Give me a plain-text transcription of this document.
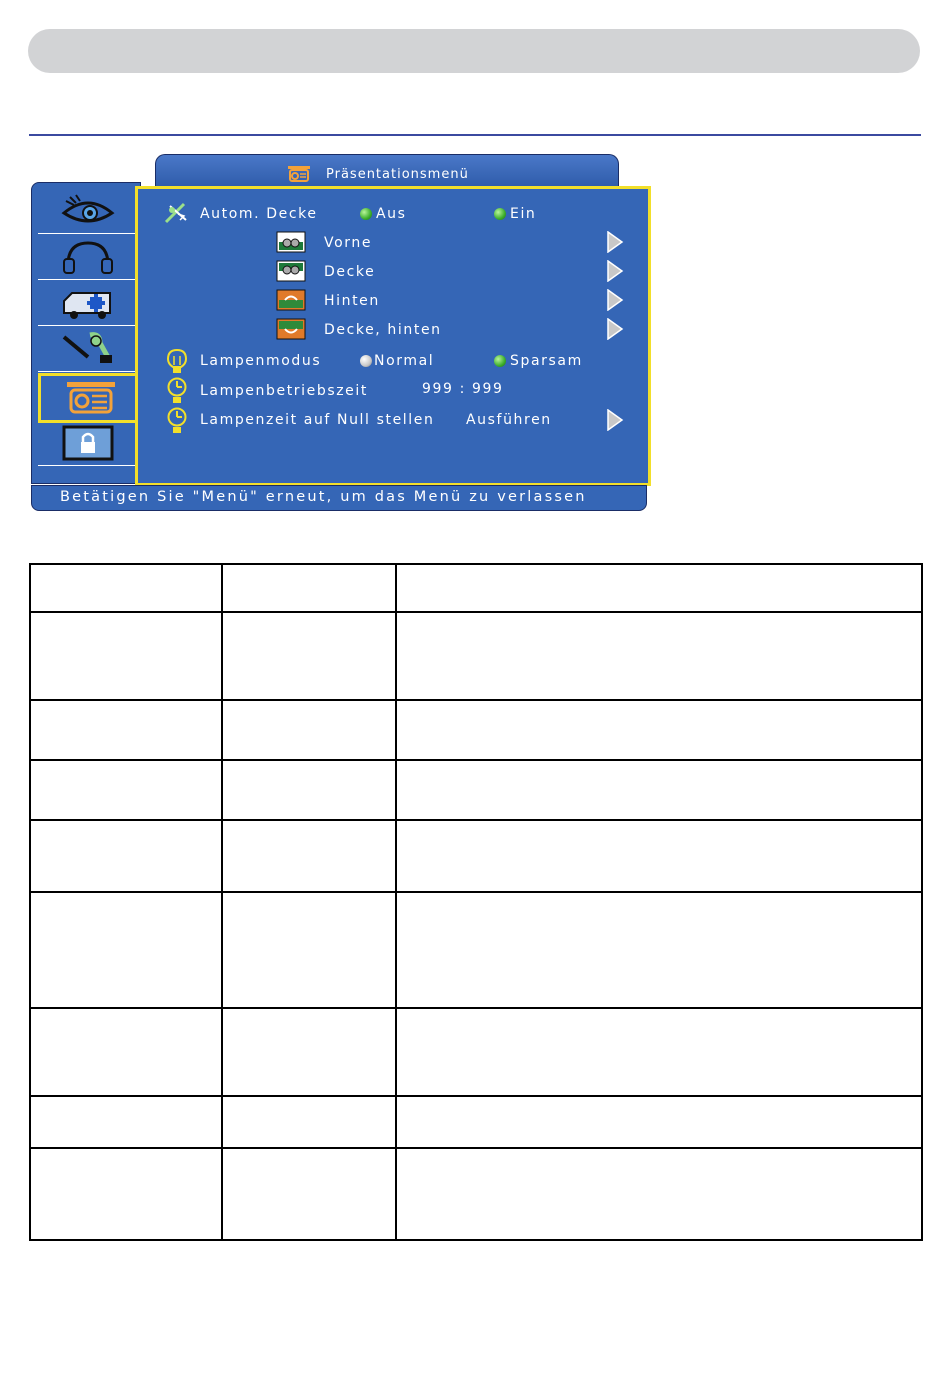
Präsentationsmenü
Autom. Decke	Aus	Ein
Vorne
Decke
Hinten
Decke, hinten
Lampenmodus	Normal	Sparsam
Lampenbetriebszeit	999 : 999
Lampenzeit auf Null stellen Ausführen
Betätigen Sie "Menü" erneut, um das Menü zu verlassen
